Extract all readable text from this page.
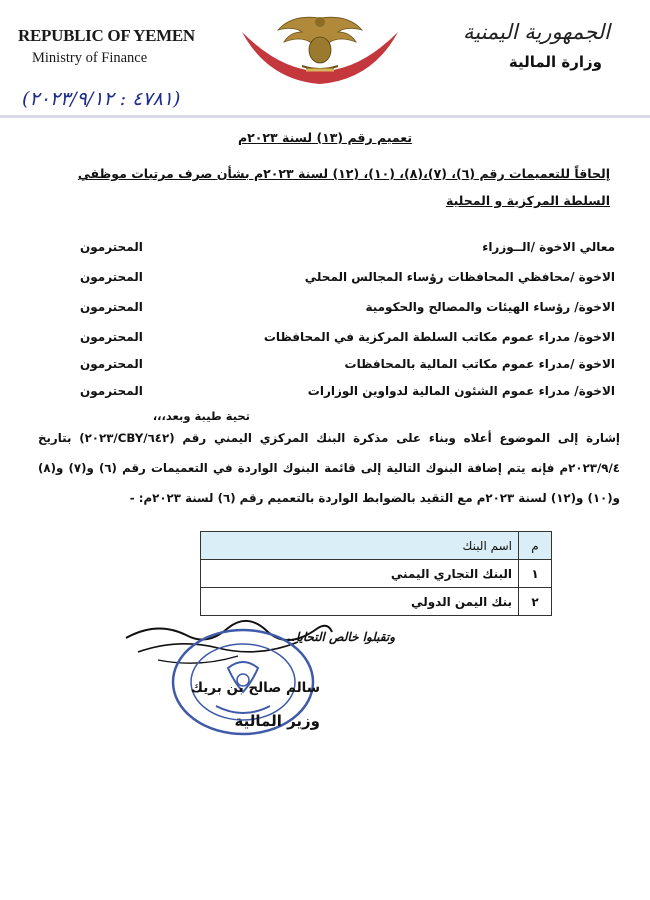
REPUBLIC OF YEMEN
Ministry of Finance
الجمهورية اليمنية
وزارة المالية
(٤٧٨١ : ٢٠٢٣/٩/١٢)
تعميم رقم (١٣) لسنة ٢٠٢٣م
إلحاقاً للتعميمات رقم (٦)، (٧)،(٨)، (١٠)، (١٢) لسنة ٢٠٢٣م بشأن صرف مرتبات موظفي السلطة المركزية و المحلية
معالي الاخوة /الــوزراء
المحترمون
الاخوة /محافظي المحافظات رؤساء المجالس المحلي
المحترمون
الاخوة/ رؤساء الهيئات والمصالح والحكومية
المحترمون
الاخوة/ مدراء عموم مكاتب السلطة المركزية في المحافظات
المحترمون
الاخوة /مدراء عموم مكاتب المالية بالمحافظات
المحترمون
الاخوة/ مدراء عموم الشئون المالية لدواوين الوزارات
المحترمون
تحية طيبة وبعد،،،
إشارة إلى الموضوع أعلاه وبناء على مذكرة البنك المركزي اليمني رقم (٦٤٢/CBY/٢٠٢٣) بتاريخ ٢٠٢٣/٩/٤م فإنه يتم إضافة البنوك التالية إلى قائمة البنوك الواردة في التعميمات رقم (٦) و(٧) و(٨) و(١٠) و(١٢) لسنة ٢٠٢٣م مع التقيد بالضوابط الواردة بالتعميم رقم (٦) لسنة ٢٠٢٣م: -
م	اسم البنك
١	البنك التجاري اليمني
٢	بنك اليمن الدولي
وتقبلوا خالص التحايا...
سالم صالح بن بريك
وزير المالية
